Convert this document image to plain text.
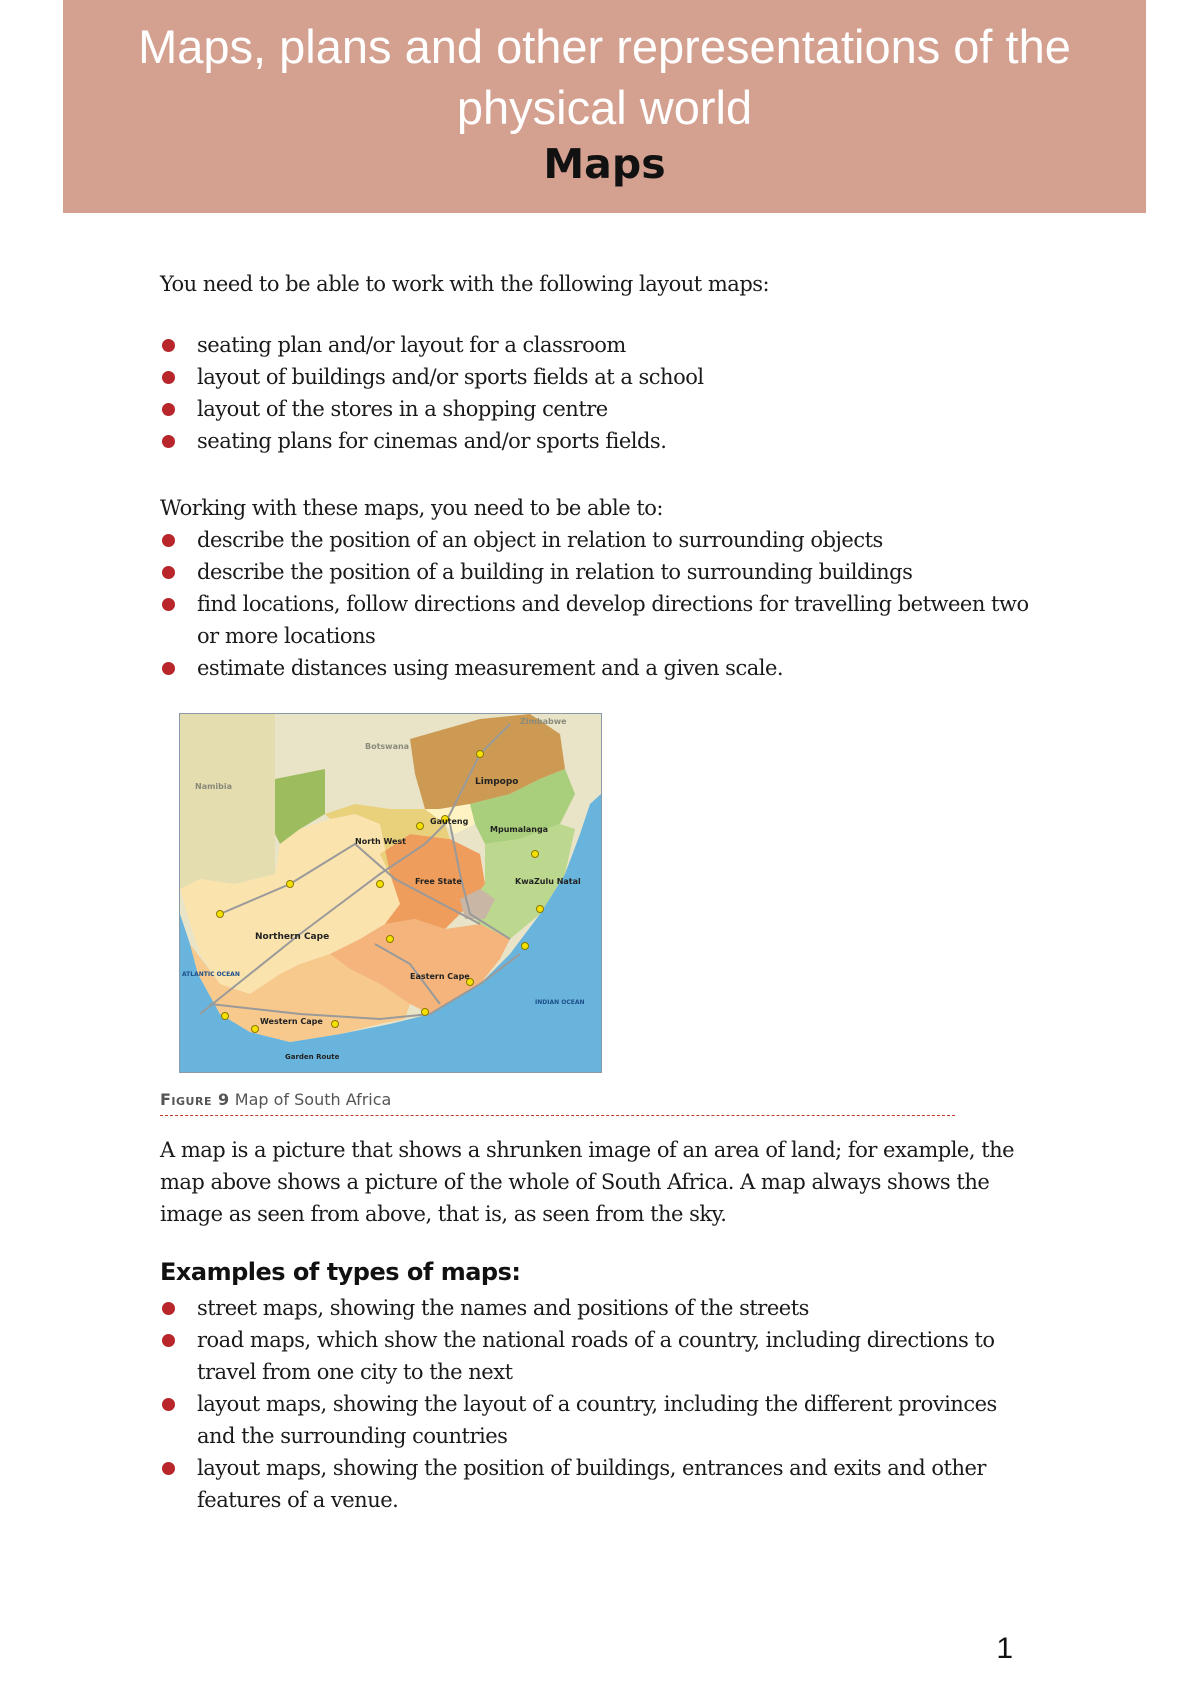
Maps, plans and other representations of the physical world
Maps

You need to be able to work with the following layout maps:

seating plan and/or layout for a classroom
layout of buildings and/or sports fields at a school
layout of the stores in a shopping centre
seating plans for cinemas and/or sports fields.

Working with these maps, you need to be able to:

describe the position of an object in relation to surrounding objects
describe the position of a building in relation to surrounding buildings
find locations, follow directions and develop directions for travelling between two or more locations
estimate distances using measurement and a given scale.
Zimbabwe
Botswana
Namibia	Limpopo
North West
Gauteng
Mpumalanga
Free State	KwaZulu Natal
Northern Cape
Eastern Cape
Western Cape
ATLANTIC OCEAN
INDIAN OCEAN
Garden Route
Figure 9 Map of South Africa

A map is a picture that shows a shrunken image of an area of land; for example, the map above shows a picture of the whole of South Africa. A map always shows the image as seen from above, that is, as seen from the sky.

Examples of types of maps:
street maps, showing the names and positions of the streets
road maps, which show the national roads of a country, including directions to travel from one city to the next
layout maps, showing the layout of a country, including the different provinces and the surrounding countries
layout maps, showing the position of buildings, entrances and exits and other features of a venue.
1
